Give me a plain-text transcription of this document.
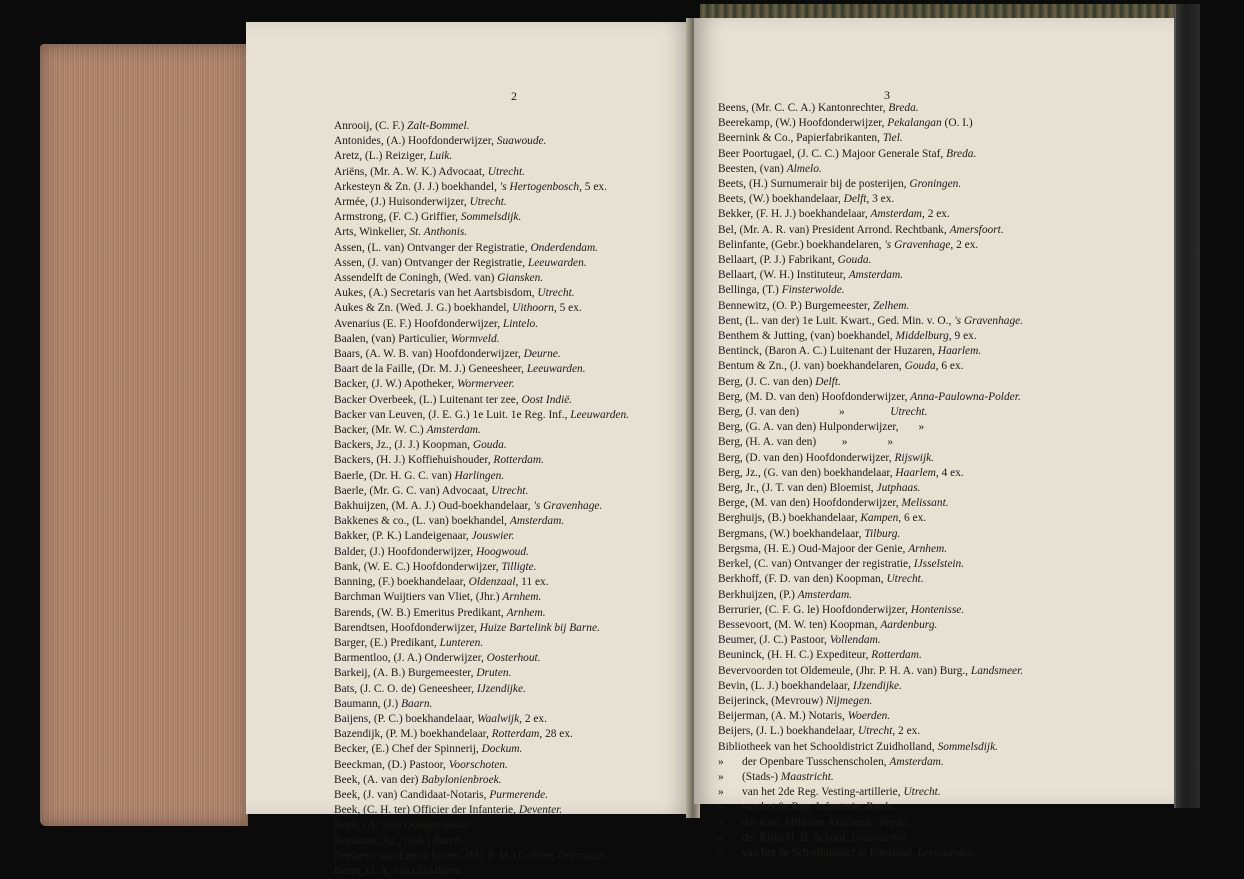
2
Anrooij, (C. F.) Zalt-Bommel.
Antonides, (A.) Hoofdonderwijzer, Suawoude.
Aretz, (L.) Reiziger, Luik.
Ariëns, (Mr. A. W. K.) Advocaat, Utrecht.
Arkesteyn & Zn. (J. J.) boekhandel, 's Hertogenbosch, 5 ex.
Armée, (J.) Huisonderwijzer, Utrecht.
Armstrong, (F. C.) Griffier, Sommelsdijk.
Arts, Winkelier, St. Anthonis.
Assen, (L. van) Ontvanger der Registratie, Onderdendam.
Assen, (J. van) Ontvanger der Registratie, Leeuwarden.
Assendelft de Coningh, (Wed. van) Giansken.
Aukes, (A.) Secretaris van het Aartsbisdom, Utrecht.
Aukes & Zn. (Wed. J. G.) boekhandel, Uithoorn, 5 ex.
Avenarius (E. F.) Hoofdonderwijzer, Lintelo.
Baalen, (van) Particulier, Wormveld.
Baars, (A. W. B. van) Hoofdonderwijzer, Deurne.
Baart de la Faille, (Dr. M. J.) Geneesheer, Leeuwarden.
Backer, (J. W.) Apotheker, Wormerveer.
Backer Overbeek, (L.) Luitenant ter zee, Oost Indië.
Backer van Leuven, (J. E. G.) 1e Luit. 1e Reg. Inf., Leeuwarden.
Backer, (Mr. W. C.) Amsterdam.
Backers, Jz., (J. J.) Koopman, Gouda.
Backers, (H. J.) Koffiehuishouder, Rotterdam.
Baerle, (Dr. H. G. C. van) Harlingen.
Baerle, (Mr. G. C. van) Advocaat, Utrecht.
Bakhuijzen, (M. A. J.) Oud-boekhandelaar, 's Gravenhage.
Bakkenes & co., (L. van) boekhandel, Amsterdam.
Bakker, (P. K.) Landeigenaar, Jouswier.
Balder, (J.) Hoofdonderwijzer, Hoogwoud.
Bank, (W. E. C.) Hoofdonderwijzer, Tilligte.
Banning, (F.) boekhandelaar, Oldenzaal, 11 ex.
Barchman Wuijtiers van Vliet, (Jhr.) Arnhem.
Barends, (W. B.) Emeritus Predikant, Arnhem.
Barendtsen, Hoofdonderwijzer, Huize Bartelink bij Barne.
Barger, (E.) Predikant, Lunteren.
Barmentloo, (J. A.) Onderwijzer, Oosterhout.
Barkeij, (A. B.) Burgemeester, Druten.
Bats, (J. C. O. de) Geneesheer, IJzendijke.
Baumann, (J.) Baarn.
Baijens, (P. C.) boekhandelaar, Waalwijk, 2 ex.
Bazendijk, (P. M.) boekhandelaar, Rotterdam, 28 ex.
Becker, (E.) Chef der Spinnerij, Dockum.
Beeckman, (D.) Pastoor, Voorschoten.
Beek, (A. van der) Babylonienbroek.
Beek, (J. van) Candidaat-Notaris, Purmerende.
Beek, (C. H. ter) Officier der Infanterie, Deventer.
Beek, (A. van) Ooltgensplaat.
Beekman, Az., (Joh.) Buren.
Beelaerts van Emmichoven, (Mr. P. M.) Griffier, Oldenzaal.
Beem, (J. A. van) Zuidlaren.
3
Beens, (Mr. C. C. A.) Kantonrechter, Breda.
Beerekamp, (W.) Hoofdonderwijzer, Pekalangan (O. I.)
Beernink & Co., Papierfabrikanten, Tiel.
Beer Poortugael, (J. C. C.) Majoor Generale Staf, Breda.
Beesten, (van) Almelo.
Beets, (H.) Surnumerair bij de posterijen, Groningen.
Beets, (W.) boekhandelaar, Delft, 3 ex.
Bekker, (F. H. J.) boekhandelaar, Amsterdam, 2 ex.
Bel, (Mr. A. R. van) President Arrond. Rechtbank, Amersfoort.
Belinfante, (Gebr.) boekhandelaren, 's Gravenhage, 2 ex.
Bellaart, (P. J.) Fabrikant, Gouda.
Bellaart, (W. H.) Instituteur, Amsterdam.
Bellinga, (T.) Finsterwolde.
Bennewitz, (O. P.) Burgemeester, Zelhem.
Bent, (L. van der) 1e Luit. Kwart., Ged. Min. v. O., 's Gravenhage.
Benthem & Jutting, (van) boekhandel, Middelburg, 9 ex.
Bentinck, (Baron A. C.) Luitenant der Huzaren, Haarlem.
Bentum & Zn., (J. van) boekhandelaren, Gouda, 6 ex.
Berg, (J. C. van den) Delft.
Berg, (M. D. van den) Hoofdonderwijzer, Anna-Paulowna-Polder.
Berg, (J. van den)              »                Utrecht.
Berg, (G. A. van den) Hulponderwijzer,       »
Berg, (H. A. van den)         »              »
Berg, (D. van den) Hoofdonderwijzer, Rijswijk.
Berg, Jz., (G. van den) boekhandelaar, Haarlem, 4 ex.
Berg, Jr., (J. T. van den) Bloemist, Jutphaas.
Berge, (M. van den) Hoofdonderwijzer, Melissant.
Berghuijs, (B.) boekhandelaar, Kampen, 6 ex.
Bergmans, (W.) boekhandelaar, Tilburg.
Bergsma, (H. E.) Oud-Majoor der Genie, Arnhem.
Berkel, (C. van) Ontvanger der registratie, IJsselstein.
Berkhoff, (F. D. van den) Koopman, Utrecht.
Berkhuijzen, (P.) Amsterdam.
Berrurier, (C. F. G. le) Hoofdonderwijzer, Hontenisse.
Bessevoort, (M. W. ten) Koopman, Aardenburg.
Beumer, (J. C.) Pastoor, Vollendam.
Beuninck, (H. H. C.) Expediteur, Rotterdam.
Bevervoorden tot Oldemeule, (Jhr. P. H. A. van) Burg., Landsmeer.
Bevin, (L. J.) boekhandelaar, IJzendijke.
Beijerinck, (Mevrouw) Nijmegen.
Beijerman, (A. M.) Notaris, Woerden.
Beijers, (J. L.) boekhandelaar, Utrecht, 2 ex.
Bibliotheek van het Schooldistrict Zuidholland, Sommelsdijk.
» der Openbare Tusschenscholen, Amsterdam.
» (Stads-) Maastricht.
» van het 2de Reg. Vesting-artillerie, Utrecht.
» van het 6e Reg. Infanterie, Breda.
» der Kon. Militaire Akademie, Breda.
» der Rijks H. B. School, Leeuwarden.
» van het 4e Schooldistrict in Friesland, Leeuwarden.
